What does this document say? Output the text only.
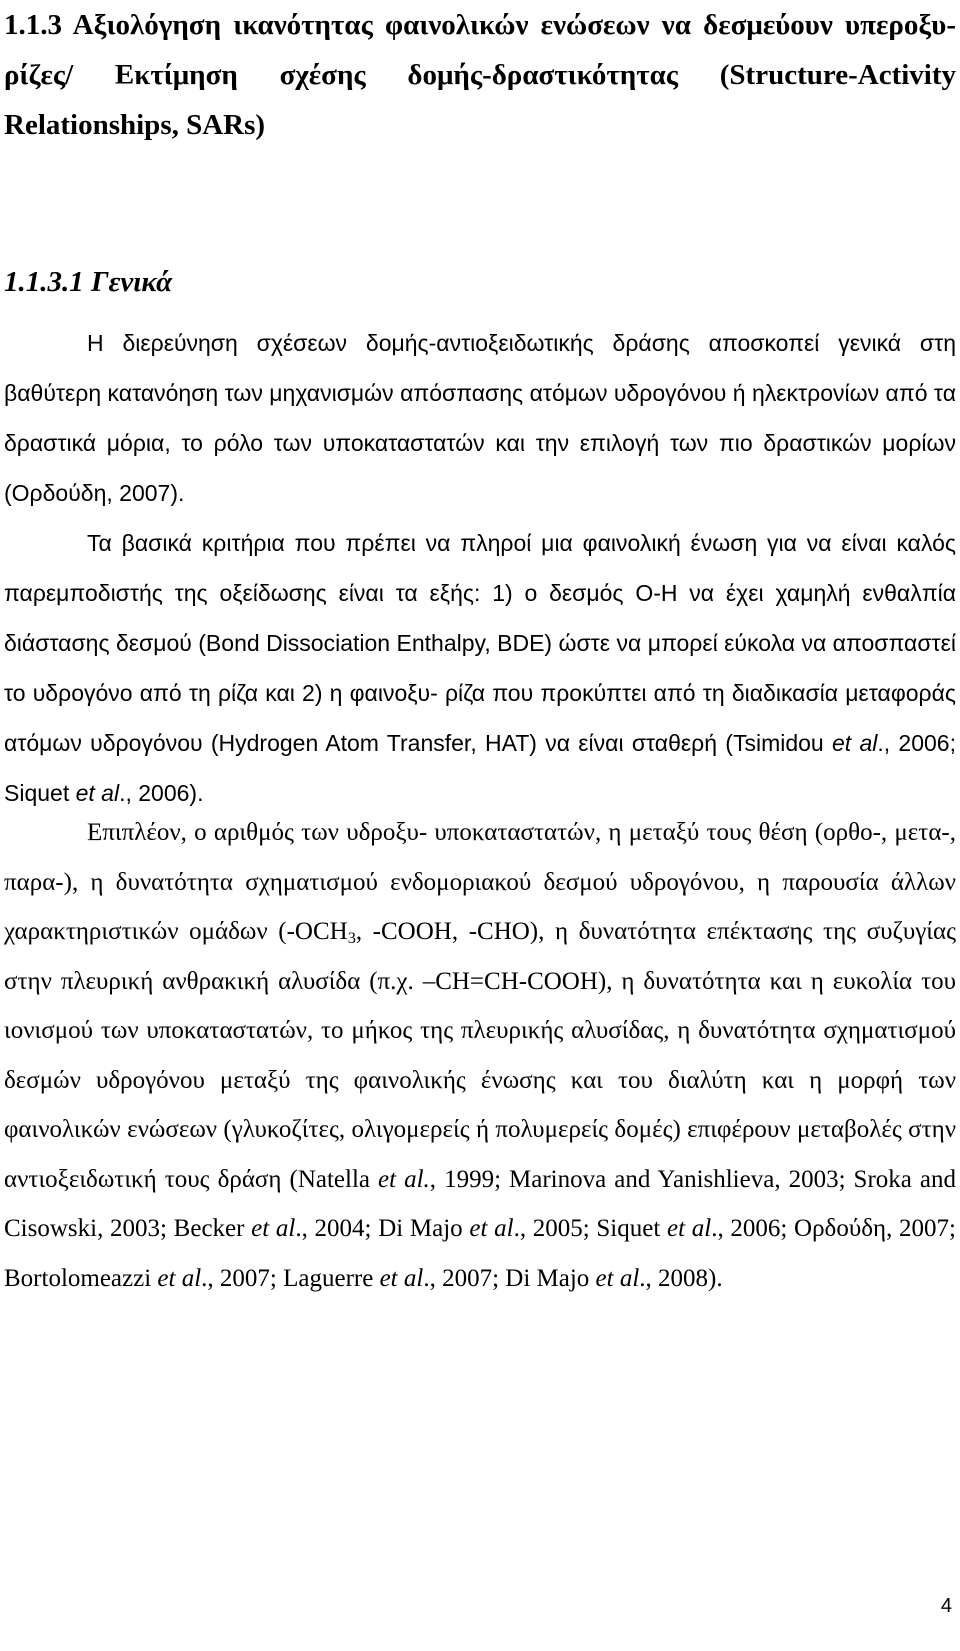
1.1.3 Αξιολόγηση ικανότητας φαινολικών ενώσεων να δεσμεύουν υπεροξυ-ρίζες/ Εκτίμηση σχέσης δομής-δραστικότητας (Structure-Activity Relationships, SARs)
1.1.3.1 Γενικά

Η διερεύνηση σχέσεων δομής-αντιοξειδωτικής δράσης αποσκοπεί γενικά στη βαθύτερη κατανόηση των μηχανισμών απόσπασης ατόμων υδρογόνου ή ηλεκτρονίων από τα δραστικά μόρια, το ρόλο των υποκαταστατών και την επιλογή των πιο δραστικών μορίων (Ορδούδη, 2007).

Τα βασικά κριτήρια που πρέπει να πληροί μια φαινολική ένωση για να είναι καλός παρεμποδιστής της οξείδωσης είναι τα εξής: 1) ο δεσμός Ο-Η να έχει χαμηλή ενθαλπία διάστασης δεσμού (Bond Dissociation Enthalpy, BDE) ώστε να μπορεί εύκολα να αποσπαστεί το υδρογόνο από τη ρίζα και 2) η φαινοξυ- ρίζα που προκύπτει από τη διαδικασία μεταφοράς ατόμων υδρογόνου (Hydrogen Atom Transfer, HAT) να είναι σταθερή (Tsimidou et al., 2006; Siquet et al., 2006).

Επιπλέον, ο αριθμός των υδροξυ- υποκαταστατών, η μεταξύ τους θέση (ορθο-, μετα-, παρα-), η δυνατότητα σχηματισμού ενδομοριακού δεσμού υδρογόνου, η παρουσία άλλων χαρακτηριστικών ομάδων ($-OCH_3$, -COOH, -CHO), η δυνατότητα επέκτασης της συζυγίας στην πλευρική ανθρακική αλυσίδα (π.χ. –CH=CH-COOH), η δυνατότητα και η ευκολία του ιονισμού των υποκαταστατών, το μήκος της πλευρικής αλυσίδας, η δυνατότητα σχηματισμού δεσμών υδρογόνου μεταξύ της φαινολικής ένωσης και του διαλύτη και η μορφή των φαινολικών ενώσεων (γλυκοζίτες, ολιγομερείς ή πολυμερείς δομές) επιφέρουν μεταβολές στην αντιοξειδωτική τους δράση (Natella et al., 1999; Marinova and Yanishlieva, 2003; Sroka and Cisowski, 2003; Becker et al., 2004; Di Majo et al., 2005; Siquet et al., 2006; Ορδούδη, 2007; Bortolomeazzi et al., 2007; Laguerre et al., 2007; Di Majo et al., 2008).

4
